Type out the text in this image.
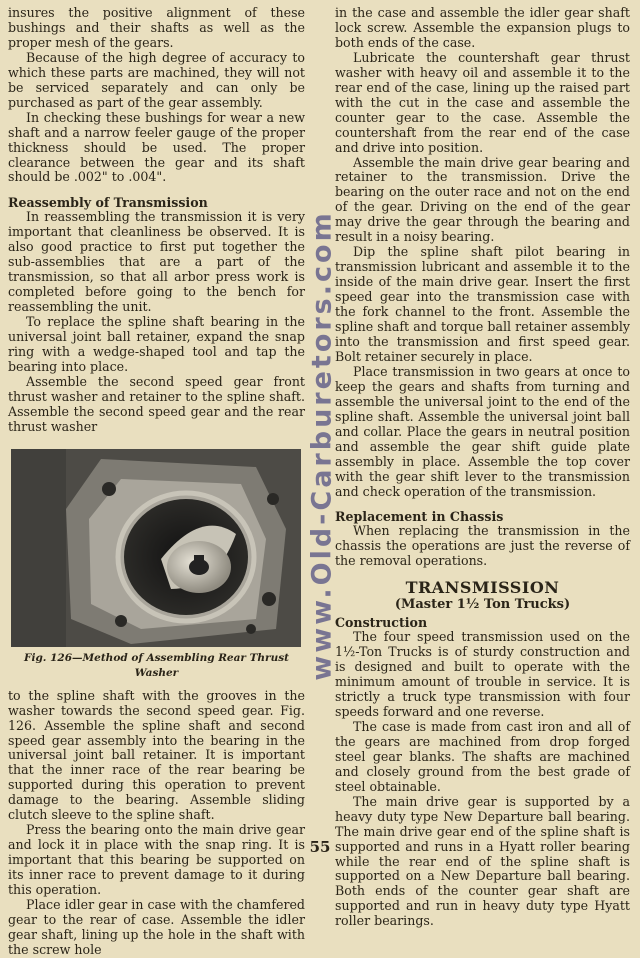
insures the positive alignment of these bushings and their shafts as well as the proper mesh of the gears.

Because of the high degree of accuracy to which these parts are machined, they will not be serviced separately and can only be purchased as part of the gear assembly.

In checking these bushings for wear a new shaft and a narrow feeler gauge of the proper thickness should be used. The proper clearance between the gear and its shaft should be .002" to .004".

Reassembly of Transmission

In reassembling the transmission it is very important that cleanliness be observed. It is also good practice to first put together the sub-assemblies that are a part of the transmission, so that all arbor press work is completed before going to the bench for reassembling the unit.

To replace the spline shaft bearing in the universal joint ball retainer, expand the snap ring with a wedge-shaped tool and tap the bearing into place.

Assemble the second speed gear front thrust washer and retainer to the spline shaft. Assemble the second speed gear and the rear thrust washer

Fig. 126—Method of Assembling Rear Thrust Washer

to the spline shaft with the grooves in the washer towards the second speed gear. Fig. 126. Assemble the spline shaft and second speed gear assembly into the bearing in the universal joint ball retainer. It is important that the inner race of the rear bearing be supported during this operation to prevent damage to the bearing. Assemble sliding clutch sleeve to the spline shaft.

Press the bearing onto the main drive gear and lock it in place with the snap ring. It is important that this bearing be supported on its inner race to prevent damage to it during this operation.

Place idler gear in case with the chamfered gear to the rear of case. Assemble the idler gear shaft, lining up the hole in the shaft with the screw hole

www.Old-Carburetors.com

in the case and assemble the idler gear shaft lock screw. Assemble the expansion plugs to both ends of the case.

Lubricate the countershaft gear thrust washer with heavy oil and assemble it to the rear end of the case, lining up the raised part with the cut in the case and assemble the counter gear to the case. Assemble the countershaft from the rear end of the case and drive into position.

Assemble the main drive gear bearing and retainer to the transmission. Drive the bearing on the outer race and not on the end of the gear. Driving on the end of the gear may drive the gear through the bearing and result in a noisy bearing.

Dip the spline shaft pilot bearing in transmission lubricant and assemble it to the inside of the main drive gear. Insert the first speed gear into the transmission case with the fork channel to the front. Assemble the spline shaft and torque ball retainer assembly into the transmission and first speed gear. Bolt retainer securely in place.

Place transmission in two gears at once to keep the gears and shafts from turning and assemble the universal joint to the end of the spline shaft. Assemble the universal joint ball and collar. Place the gears in neutral position and assemble the gear shift guide plate assembly in place. Assemble the top cover with the gear shift lever to the transmission and check operation of the transmission.

Replacement in Chassis

When replacing the transmission in the chassis the operations are just the reverse of the removal operations.

TRANSMISSION
(Master 1½ Ton Trucks)
Construction

The four speed transmission used on the 1½-Ton Trucks is of sturdy construction and is designed and built to operate with the minimum amount of trouble in service. It is strictly a truck type transmission with four speeds forward and one reverse.

The case is made from cast iron and all of the gears are machined from drop forged steel gear blanks. The shafts are machined and closely ground from the best grade of steel obtainable.

The main drive gear is supported by a heavy duty type New Departure ball bearing. The main drive gear end of the spline shaft is supported and runs in a Hyatt roller bearing while the rear end of the spline shaft is supported on a New Departure ball bearing. Both ends of the counter gear shaft are supported and run in heavy duty type Hyatt roller bearings.

55
